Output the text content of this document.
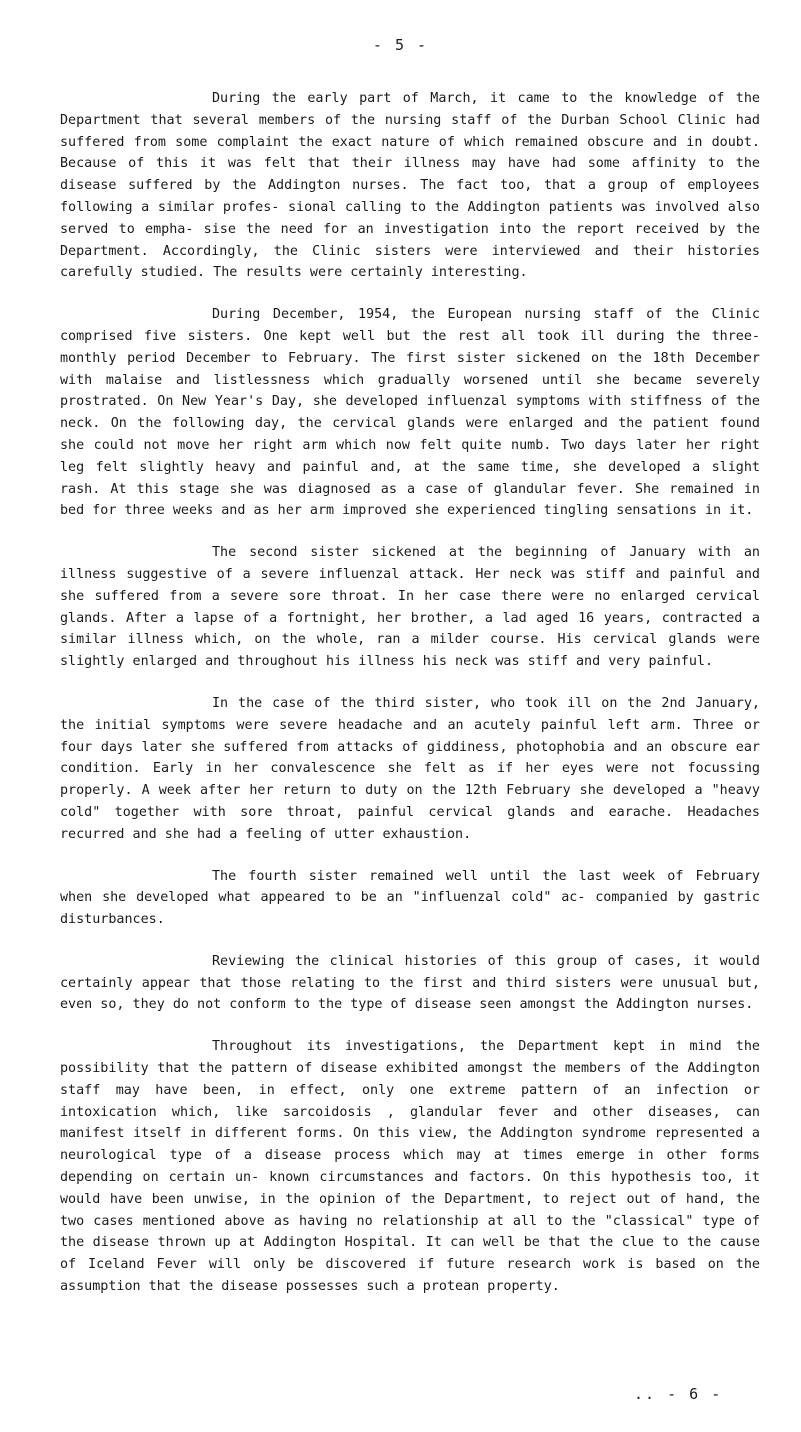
- 5 -

During the early part of March, it came to the knowledge of the Department that several members of the nursing staff of the Durban School Clinic had suffered from some complaint the exact nature of which remained obscure and in doubt. Because of this it was felt that their illness may have had some affinity to the disease suffered by the Addington nurses. The fact too, that a group of employees following a similar profes- sional calling to the Addington patients was involved also served to empha- sise the need for an investigation into the report received by the Department. Accordingly, the Clinic sisters were interviewed and their histories carefully studied. The results were certainly interesting.

During December, 1954, the European nursing staff of the Clinic comprised five sisters. One kept well but the rest all took ill during the three-monthly period December to February. The first sister sickened on the 18th December with malaise and listlessness which gradually worsened until she became severely prostrated. On New Year's Day, she developed influenzal symptoms with stiffness of the neck. On the following day, the cervical glands were enlarged and the patient found she could not move her right arm which now felt quite numb. Two days later her right leg felt slightly heavy and painful and, at the same time, she developed a slight rash. At this stage she was diagnosed as a case of glandular fever. She remained in bed for three weeks and as her arm improved she experienced tingling sensations in it.

The second sister sickened at the beginning of January with an illness suggestive of a severe influenzal attack. Her neck was stiff and painful and she suffered from a severe sore throat. In her case there were no enlarged cervical glands. After a lapse of a fortnight, her brother, a lad aged 16 years, contracted a similar illness which, on the whole, ran a milder course. His cervical glands were slightly enlarged and throughout his illness his neck was stiff and very painful.

In the case of the third sister, who took ill on the 2nd January, the initial symptoms were severe headache and an acutely painful left arm. Three or four days later she suffered from attacks of giddiness, photophobia and an obscure ear condition. Early in her convalescence she felt as if her eyes were not focussing properly. A week after her return to duty on the 12th February she developed a "heavy cold" together with sore throat, painful cervical glands and earache. Headaches recurred and she had a feeling of utter exhaustion.

The fourth sister remained well until the last week of February when she developed what appeared to be an "influenzal cold" ac- companied by gastric disturbances.

Reviewing the clinical histories of this group of cases, it would certainly appear that those relating to the first and third sisters were unusual but, even so, they do not conform to the type of disease seen amongst the Addington nurses.

Throughout its investigations, the Department kept in mind the possibility that the pattern of disease exhibited amongst the members of the Addington staff may have been, in effect, only one extreme pattern of an infection or intoxication which, like sarcoidosis , glandular fever and other diseases, can manifest itself in different forms. On this view, the Addington syndrome represented a neurological type of a disease process which may at times emerge in other forms depending on certain un- known circumstances and factors. On this hypothesis too, it would have been unwise, in the opinion of the Department, to reject out of hand, the two cases mentioned above as having no relationship at all to the "classical" type of the disease thrown up at Addington Hospital. It can well be that the clue to the cause of Iceland Fever will only be discovered if future research work is based on the assumption that the disease possesses such a protean property.

.. - 6 -
